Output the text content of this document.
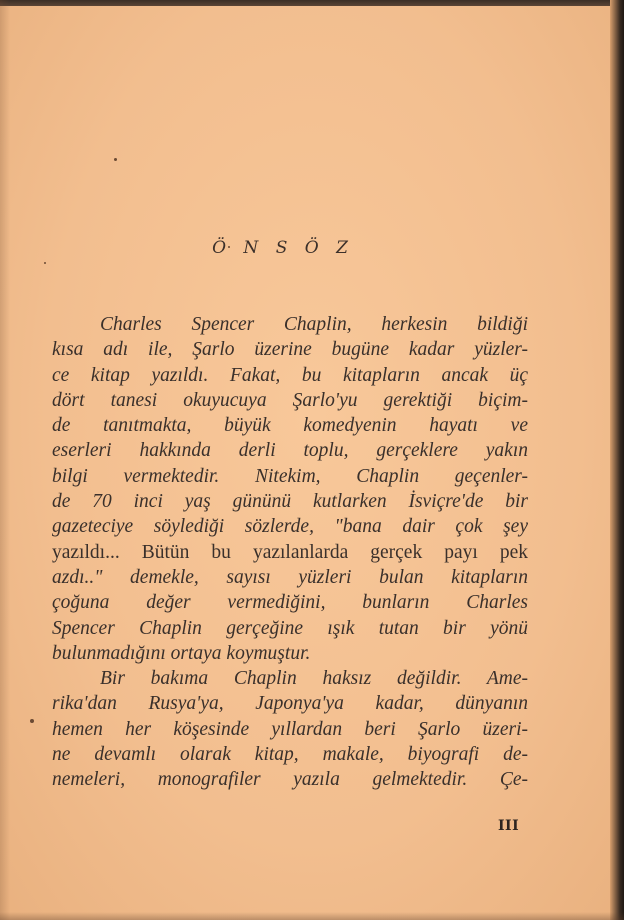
Ö N S Ö Z
Charles Spencer Chaplin, herkesin bildiği
kısa adı ile, Şarlo üzerine bugüne kadar yüzler-
ce kitap yazıldı. Fakat, bu kitapların ancak üç
dört tanesi okuyucuya Şarlo'yu gerektiği biçim-
de tanıtmakta, büyük komedyenin hayatı ve
eserleri hakkında derli toplu, gerçeklere yakın
bilgi vermektedir. Nitekim, Chaplin geçenler-
de 70 inci yaş gününü kutlarken İsviçre'de bir
gazeteciye söylediği sözlerde, "bana dair çok şey
yazıldı... Bütün bu yazılanlarda gerçek payı pek
azdı.." demekle, sayısı yüzleri bulan kitapların
çoğuna değer vermediğini, bunların Charles
Spencer Chaplin gerçeğine ışık tutan bir yönü
bulunmadığını ortaya koymuştur.
Bir bakıma Chaplin haksız değildir. Ame-
rika'dan Rusya'ya, Japonya'ya kadar, dünyanın
hemen her köşesinde yıllardan beri Şarlo üzeri-
ne devamlı olarak kitap, makale, biyografi de-
nemeleri, monografiler yazıla gelmektedir. Çe-
III
